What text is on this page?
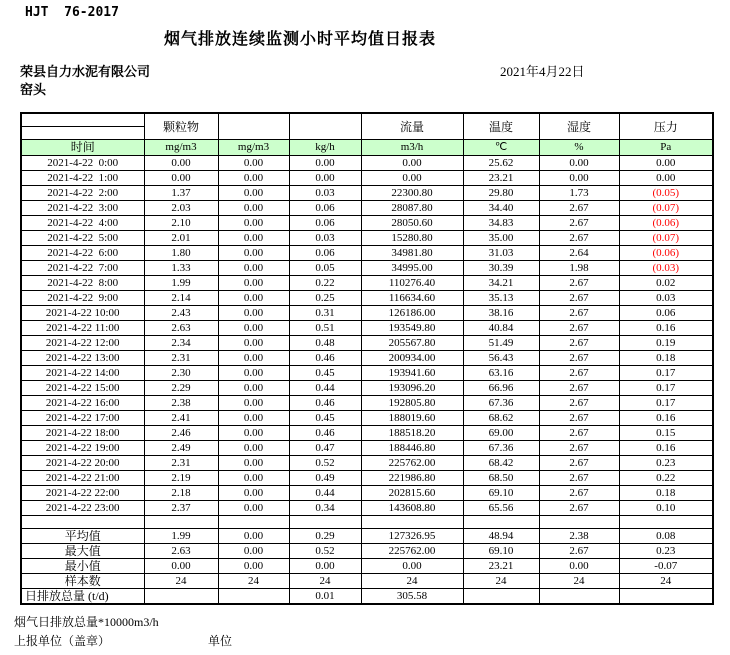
HJT  76-2017
烟气排放连续监测小时平均值日报表
荣县自力水泥有限公司	2021年4月22日
窑头
	颗粒物			流量	温度	湿度	压力

时间	mg/m3	mg/m3	kg/h	m3/h	℃	%	Pa
2021-4-22  0:00	0.00	0.00	0.00	0.00	25.62	0.00	0.00
2021-4-22  1:00	0.00	0.00	0.00	0.00	23.21	0.00	0.00
2021-4-22  2:00	1.37	0.00	0.03	22300.80	29.80	1.73	(0.05)
2021-4-22  3:00	2.03	0.00	0.06	28087.80	34.40	2.67	(0.07)
2021-4-22  4:00	2.10	0.00	0.06	28050.60	34.83	2.67	(0.06)
2021-4-22  5:00	2.01	0.00	0.03	15280.80	35.00	2.67	(0.07)
2021-4-22  6:00	1.80	0.00	0.06	34981.80	31.03	2.64	(0.06)
2021-4-22  7:00	1.33	0.00	0.05	34995.00	30.39	1.98	(0.03)
2021-4-22  8:00	1.99	0.00	0.22	110276.40	34.21	2.67	0.02
2021-4-22  9:00	2.14	0.00	0.25	116634.60	35.13	2.67	0.03
2021-4-22 10:00	2.43	0.00	0.31	126186.00	38.16	2.67	0.06
2021-4-22 11:00	2.63	0.00	0.51	193549.80	40.84	2.67	0.16
2021-4-22 12:00	2.34	0.00	0.48	205567.80	51.49	2.67	0.19
2021-4-22 13:00	2.31	0.00	0.46	200934.00	56.43	2.67	0.18
2021-4-22 14:00	2.30	0.00	0.45	193941.60	63.16	2.67	0.17
2021-4-22 15:00	2.29	0.00	0.44	193096.20	66.96	2.67	0.17
2021-4-22 16:00	2.38	0.00	0.46	192805.80	67.36	2.67	0.17
2021-4-22 17:00	2.41	0.00	0.45	188019.60	68.62	2.67	0.16
2021-4-22 18:00	2.46	0.00	0.46	188518.20	69.00	2.67	0.15
2021-4-22 19:00	2.49	0.00	0.47	188446.80	67.36	2.67	0.16
2021-4-22 20:00	2.31	0.00	0.52	225762.00	68.42	2.67	0.23
2021-4-22 21:00	2.19	0.00	0.49	221986.80	68.50	2.67	0.22
2021-4-22 22:00	2.18	0.00	0.44	202815.60	69.10	2.67	0.18
2021-4-22 23:00	2.37	0.00	0.34	143608.80	65.56	2.67	0.10

平均值	1.99	0.00	0.29	127326.95	48.94	2.38	0.08
最大值	2.63	0.00	0.52	225762.00	69.10	2.67	0.23
最小值	0.00	0.00	0.00	0.00	23.21	0.00	-0.07
样本数	24	24	24	24	24	24	24
日排放总量 (t/d)			0.01	305.58			
烟气日排放总量*10000m3/h
上报单位（盖章）	单位
